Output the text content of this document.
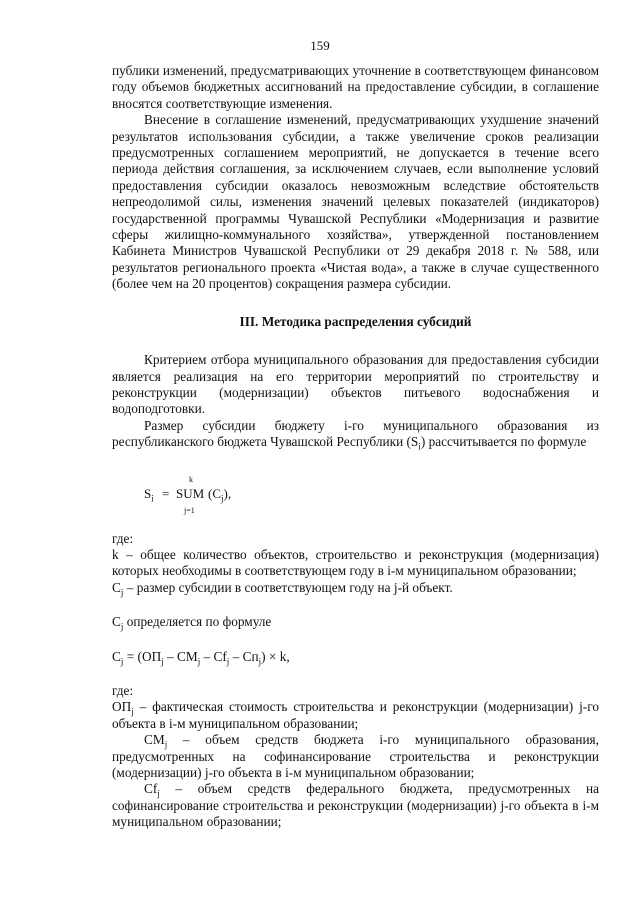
159

публики изменений, предусматривающих уточнение в соответствующем финансовом году объемов бюджетных ассигнований на предоставление субсидии, в соглашение вносятся соответствующие изменения.

Внесение в соглашение изменений, предусматривающих ухудшение значений результатов использования субсидии, а также увеличение сроков реализации предусмотренных соглашением мероприятий, не допускается в течение всего периода действия соглашения, за исключением случаев, если выполнение условий предоставления субсидии оказалось невозможным вследствие обстоятельств непреодолимой силы, изменения значений целевых показателей (индикаторов) государственной программы Чувашской Республики «Модернизация и развитие сферы жилищно-коммунального хозяйства», утвержденной постановлением Кабинета Министров Чувашской Республики от 29 декабря 2018 г. № 588, или результатов регионального проекта «Чистая вода», а также в случае существенного (более чем на 20 процентов) сокращения размера субсидии.

III. Методика распределения субсидий

Критерием отбора муниципального образования для предоставления субсидии является реализация на его территории мероприятий по строительству и реконструкции (модернизации) объектов питьевого водоснабжения и водоподготовки.

Размер субсидии бюджету i-го муниципального образования из республиканского бюджета Чувашской Республики $(S_i)$ рассчитывается по формуле

$S_i$ = SUM
k
j=1
$(C_j)$,

где:

k – общее количество объектов, строительство и реконструкция (модернизация) которых необходимы в соответствующем году в i-м муниципальном образовании;

$C_j$ – размер субсидии в соответствующем году на j-й объект.

$C_j$ определяется по формуле

$C_j = (ОП_j - СМ_j - Cf_j - Сп_j) \times k$,

где:

$ОП_j$ – фактическая стоимость строительства и реконструкции (модернизации) j-го объекта в i-м муниципальном образовании;

$СМ_j$ – объем средств бюджета i-го муниципального образования, предусмотренных на софинансирование строительства и реконструкции (модернизации) j-го объекта в i-м муниципальном образовании;

$Cf_j$ – объем средств федерального бюджета, предусмотренных на софинансирование строительства и реконструкции (модернизации) j-го объекта в i-м муниципальном образовании;
